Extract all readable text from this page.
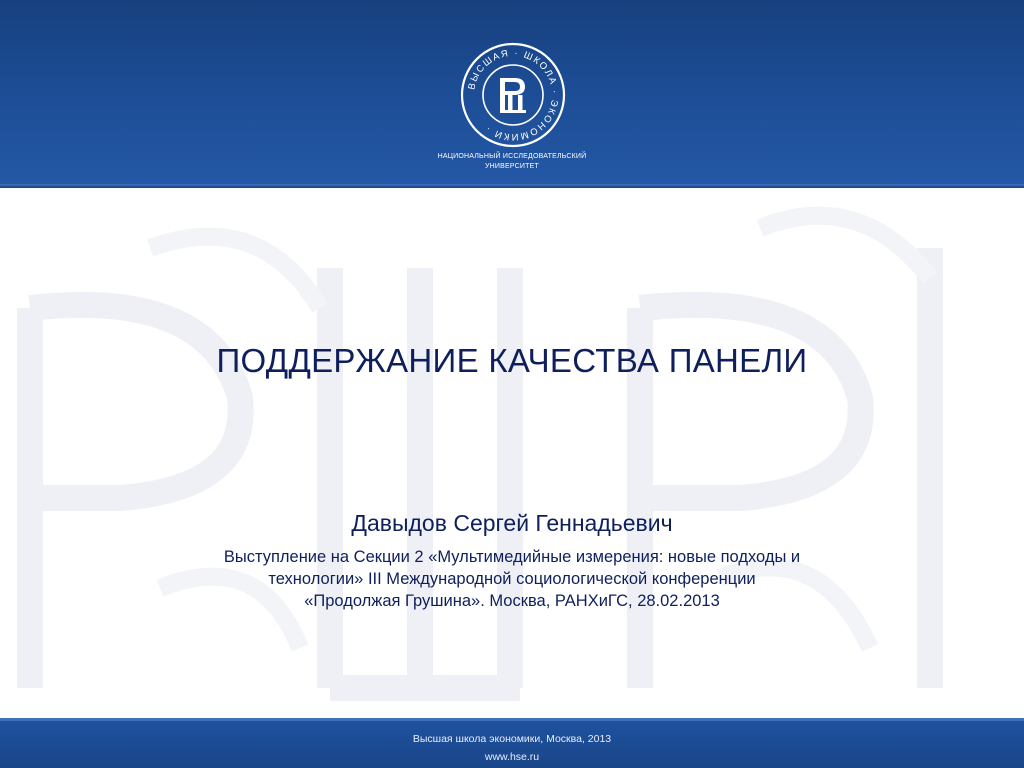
ВЫСШАЯ · ШКОЛА · ЭКОНОМИКИ ·
НАЦИОНАЛЬНЫЙ ИССЛЕДОВАТЕЛЬСКИЙ
УНИВЕРСИТЕТ
ПОДДЕРЖАНИЕ КАЧЕСТВА ПАНЕЛИ
Давыдов Сергей Геннадьевич
Выступление на Секции 2 «Мультимедийные измерения: новые подходы и
технологии» III Международной социологической конференции
«Продолжая Грушина». Москва, РАНХиГС, 28.02.2013
Высшая школа экономики, Москва, 2013
www.hse.ru
